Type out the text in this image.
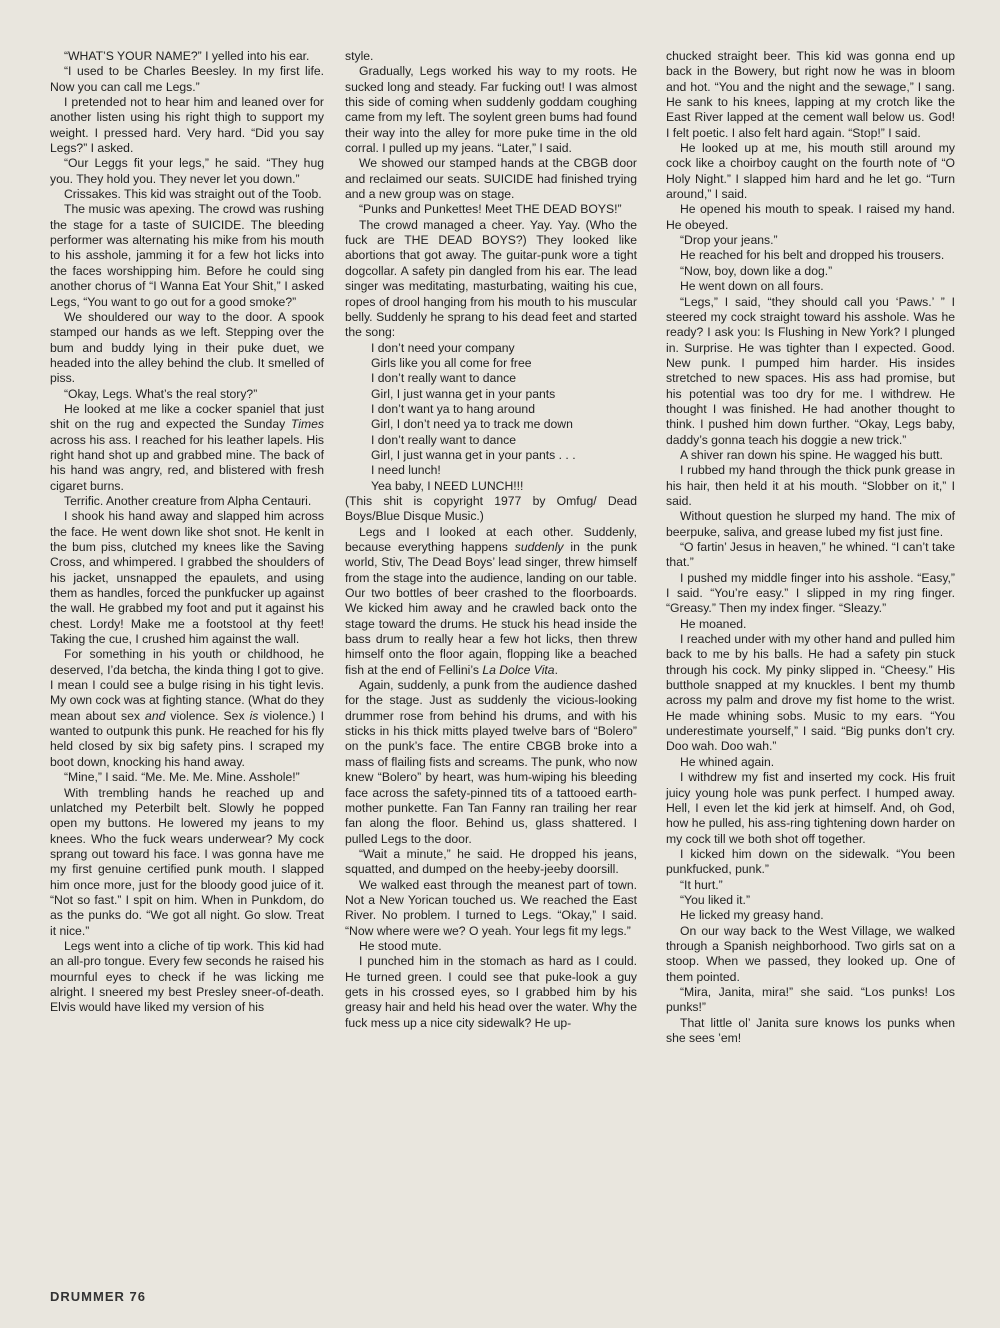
“WHAT’S YOUR NAME?” I yelled into his ear.

“I used to be Charles Beesley. In my first life. Now you can call me Legs.”

I pretended not to hear him and leaned over for another listen using his right thigh to support my weight. I pressed hard. Very hard. “Did you say Legs?” I asked.

“Our Leggs fit your legs,” he said. “They hug you. They hold you. They never let you down.”

Crissakes. This kid was straight out of the Toob.

The music was apexing. The crowd was rushing the stage for a taste of SUICIDE. The bleeding performer was alternating his mike from his mouth to his asshole, jamming it for a few hot licks into the faces worshipping him. Before he could sing another chorus of “I Wanna Eat Your Shit,” I asked Legs, “You want to go out for a good smoke?”

We shouldered our way to the door. A spook stamped our hands as we left. Stepping over the bum and buddy lying in their puke duet, we headed into the alley behind the club. It smelled of piss.

“Okay, Legs. What’s the real story?”

He looked at me like a cocker spaniel that just shit on the rug and expected the Sunday Times across his ass. I reached for his leather lapels. His right hand shot up and grabbed mine. The back of his hand was angry, red, and blistered with fresh cigaret burns.

Terrific. Another creature from Alpha Centauri.

I shook his hand away and slapped him across the face. He went down like shot snot. He kenlt in the bum piss, clutched my knees like the Saving Cross, and whimpered. I grabbed the shoulders of his jacket, unsnapped the epaulets, and using them as handles, forced the punkfucker up against the wall. He grabbed my foot and put it against his chest. Lordy! Make me a footstool at thy feet! Taking the cue, I crushed him against the wall.

For something in his youth or childhood, he deserved, I’da betcha, the kinda thing I got to give. I mean I could see a bulge rising in his tight levis. My own cock was at fighting stance. (What do they mean about sex and violence. Sex is violence.) I wanted to outpunk this punk. He reached for his fly held closed by six big safety pins. I scraped my boot down, knocking his hand away.

“Mine,” I said. “Me. Me. Me. Mine. Asshole!”

With trembling hands he reached up and unlatched my Peterbilt belt. Slowly he popped open my buttons. He lowered my jeans to my knees. Who the fuck wears underwear? My cock sprang out toward his face. I was gonna have me my first genuine certified punk mouth. I slapped him once more, just for the bloody good juice of it. “Not so fast.” I spit on him. When in Punkdom, do as the punks do. “We got all night. Go slow. Treat it nice.”

Legs went into a cliche of tip work. This kid had an all-pro tongue. Every few seconds he raised his mournful eyes to check if he was licking me alright. I sneered my best Presley sneer-of-death. Elvis would have liked my version of his

style.

Gradually, Legs worked his way to my roots. He sucked long and steady. Far fucking out! I was almost this side of coming when suddenly goddam coughing came from my left. The soylent green bums had found their way into the alley for more puke time in the old corral. I pulled up my jeans. “Later,” I said.

We showed our stamped hands at the CBGB door and reclaimed our seats. SUICIDE had finished trying and a new group was on stage.

“Punks and Punkettes! Meet THE DEAD BOYS!”

The crowd managed a cheer. Yay. Yay. (Who the fuck are THE DEAD BOYS?) They looked like abortions that got away. The guitar-punk wore a tight dogcollar. A safety pin dangled from his ear. The lead singer was meditating, masturbating, waiting his cue, ropes of drool hanging from his mouth to his muscular belly. Suddenly he sprang to his dead feet and started the song:

I don’t need your company

Girls like you all come for free

I don’t really want to dance

Girl, I just wanna get in your pants

I don’t want ya to hang around

Girl, I don’t need ya to track me down

I don’t really want to dance

Girl, I just wanna get in your pants . . .

I need lunch!

Yea baby, I NEED LUNCH!!!

(This shit is copyright 1977 by Omfug/ Dead Boys/Blue Disque Music.)

Legs and I looked at each other. Suddenly, because everything happens suddenly in the punk world, Stiv, The Dead Boys’ lead singer, threw himself from the stage into the audience, landing on our table. Our two bottles of beer crashed to the floorboards. We kicked him away and he crawled back onto the stage toward the drums. He stuck his head inside the bass drum to really hear a few hot licks, then threw himself onto the floor again, flopping like a beached fish at the end of Fellini’s La Dolce Vita.

Again, suddenly, a punk from the audience dashed for the stage. Just as suddenly the vicious-looking drummer rose from behind his drums, and with his sticks in his thick mitts played twelve bars of “Bolero” on the punk’s face. The entire CBGB broke into a mass of flailing fists and screams. The punk, who now knew “Bolero” by heart, was hum-wiping his bleeding face across the safety-pinned tits of a tattooed earth-mother punkette. Fan Tan Fanny ran trailing her rear fan along the floor. Behind us, glass shattered. I pulled Legs to the door.

“Wait a minute,” he said. He dropped his jeans, squatted, and dumped on the heeby-jeeby doorsill.

We walked east through the meanest part of town. Not a New Yorican touched us. We reached the East River. No problem. I turned to Legs. “Okay,” I said. “Now where were we? O yeah. Your legs fit my legs.”

He stood mute.

I punched him in the stomach as hard as I could. He turned green. I could see that puke-look a guy gets in his crossed eyes, so I grabbed him by his greasy hair and held his head over the water. Why the fuck mess up a nice city sidewalk? He up-

chucked straight beer. This kid was gonna end up back in the Bowery, but right now he was in bloom and hot. “You and the night and the sewage,” I sang. He sank to his knees, lapping at my crotch like the East River lapped at the cement wall below us. God! I felt poetic. I also felt hard again. “Stop!” I said.

He looked up at me, his mouth still around my cock like a choirboy caught on the fourth note of “O Holy Night.” I slapped him hard and he let go. “Turn around,” I said.

He opened his mouth to speak. I raised my hand. He obeyed.

“Drop your jeans.”

He reached for his belt and dropped his trousers.

“Now, boy, down like a dog.”

He went down on all fours.

“Legs,” I said, “they should call you ‘Paws.’ ” I steered my cock straight toward his asshole. Was he ready? I ask you: Is Flushing in New York? I plunged in. Surprise. He was tighter than I expected. Good. New punk. I pumped him harder. His insides stretched to new spaces. His ass had promise, but his potential was too dry for me. I withdrew. He thought I was finished. He had another thought to think. I pushed him down further. “Okay, Legs baby, daddy’s gonna teach his doggie a new trick.”

A shiver ran down his spine. He wagged his butt.

I rubbed my hand through the thick punk grease in his hair, then held it at his mouth. “Slobber on it,” I said.

Without question he slurped my hand. The mix of beerpuke, saliva, and grease lubed my fist just fine.

“O fartin’ Jesus in heaven,” he whined. “I can’t take that.”

I pushed my middle finger into his asshole. “Easy,” I said. “You’re easy.” I slipped in my ring finger. “Greasy.” Then my index finger. “Sleazy.”

He moaned.

I reached under with my other hand and pulled him back to me by his balls. He had a safety pin stuck through his cock. My pinky slipped in. “Cheesy.” His butthole snapped at my knuckles. I bent my thumb across my palm and drove my fist home to the wrist. He made whining sobs. Music to my ears. “You underestimate yourself,” I said. “Big punks don’t cry. Doo wah. Doo wah.”

He whined again.

I withdrew my fist and inserted my cock. His fruit juicy young hole was punk perfect. I humped away. Hell, I even let the kid jerk at himself. And, oh God, how he pulled, his ass-ring tightening down harder on my cock till we both shot off together.

I kicked him down on the sidewalk. “You been punkfucked, punk.”

“It hurt.”

“You liked it.”

He licked my greasy hand.

On our way back to the West Village, we walked through a Spanish neighborhood. Two girls sat on a stoop. When we passed, they looked up. One of them pointed.

“Mira, Janita, mira!” she said. “Los punks! Los punks!”

That little ol’ Janita sure knows los punks when she sees ’em!

DRUMMER 76
